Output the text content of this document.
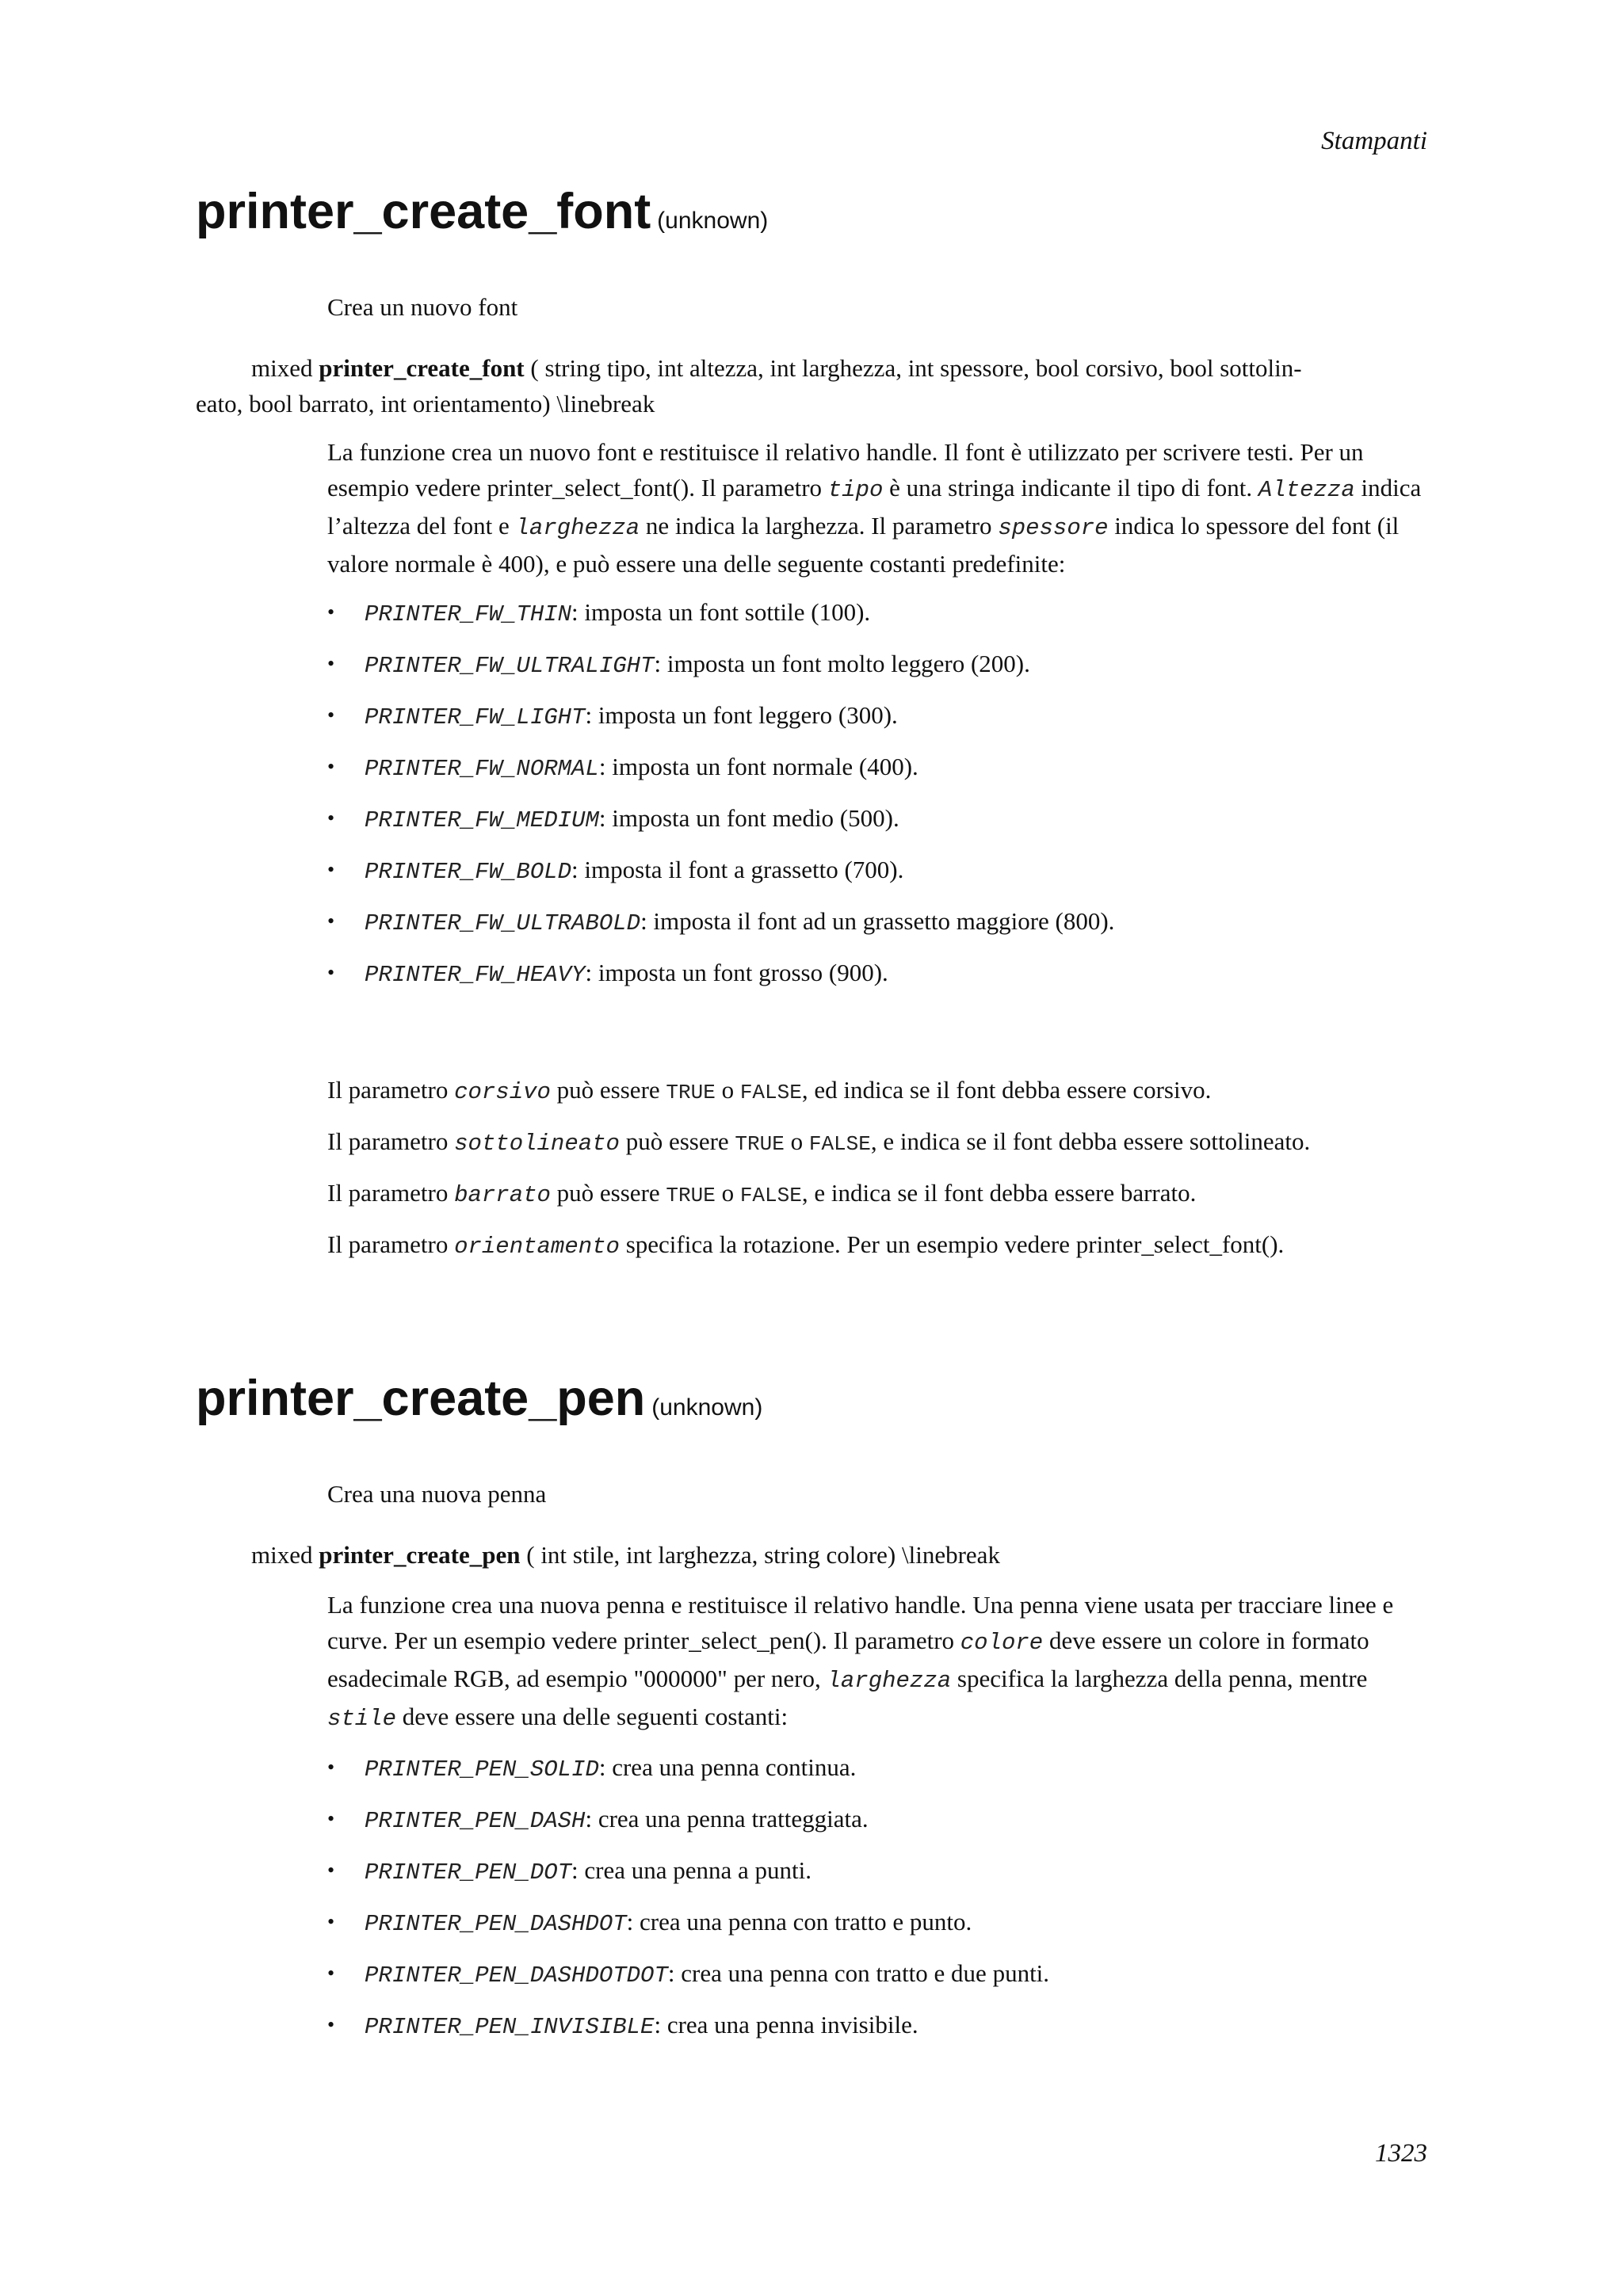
Stampanti
printer_create_font (unknown)
Crea un nuovo font
mixed printer_create_font ( string tipo, int altezza, int larghezza, int spessore, bool corsivo, bool sottolin-
eato, bool barrato, int orientamento) \linebreak

La funzione crea un nuovo font e restituisce il relativo handle. Il font è utilizzato per scrivere testi. Per un esempio vedere printer_select_font(). Il parametro tipo è una stringa indicante il tipo di font. Altezza indica l’altezza del font e larghezza ne indica la larghezza. Il parametro spessore indica lo spessore del font (il valore normale è 400), e può essere una delle seguente costanti predefinite:

• PRINTER_FW_THIN: imposta un font sottile (100).
• PRINTER_FW_ULTRALIGHT: imposta un font molto leggero (200).
• PRINTER_FW_LIGHT: imposta un font leggero (300).
• PRINTER_FW_NORMAL: imposta un font normale (400).
• PRINTER_FW_MEDIUM: imposta un font medio (500).
• PRINTER_FW_BOLD: imposta il font a grassetto (700).
• PRINTER_FW_ULTRABOLD: imposta il font ad un grassetto maggiore (800).
• PRINTER_FW_HEAVY: imposta un font grosso (900).

Il parametro corsivo può essere TRUE o FALSE, ed indica se il font debba essere corsivo.

Il parametro sottolineato può essere TRUE o FALSE, e indica se il font debba essere sottolineato.

Il parametro barrato può essere TRUE o FALSE, e indica se il font debba essere barrato.

Il parametro orientamento specifica la rotazione. Per un esempio vedere printer_select_font().

printer_create_pen (unknown)
Crea una nuova penna
mixed printer_create_pen ( int stile, int larghezza, string colore) \linebreak

La funzione crea una nuova penna e restituisce il relativo handle. Una penna viene usata per tracciare linee e curve. Per un esempio vedere printer_select_pen(). Il parametro colore deve essere un colore in formato esadecimale RGB, ad esempio "000000" per nero, larghezza specifica la larghezza della penna, mentre stile deve essere una delle seguenti costanti:

• PRINTER_PEN_SOLID: crea una penna continua.
• PRINTER_PEN_DASH: crea una penna tratteggiata.
• PRINTER_PEN_DOT: crea una penna a punti.
• PRINTER_PEN_DASHDOT: crea una penna con tratto e punto.
• PRINTER_PEN_DASHDOTDOT: crea una penna con tratto e due punti.
• PRINTER_PEN_INVISIBLE: crea una penna invisibile.
1323
